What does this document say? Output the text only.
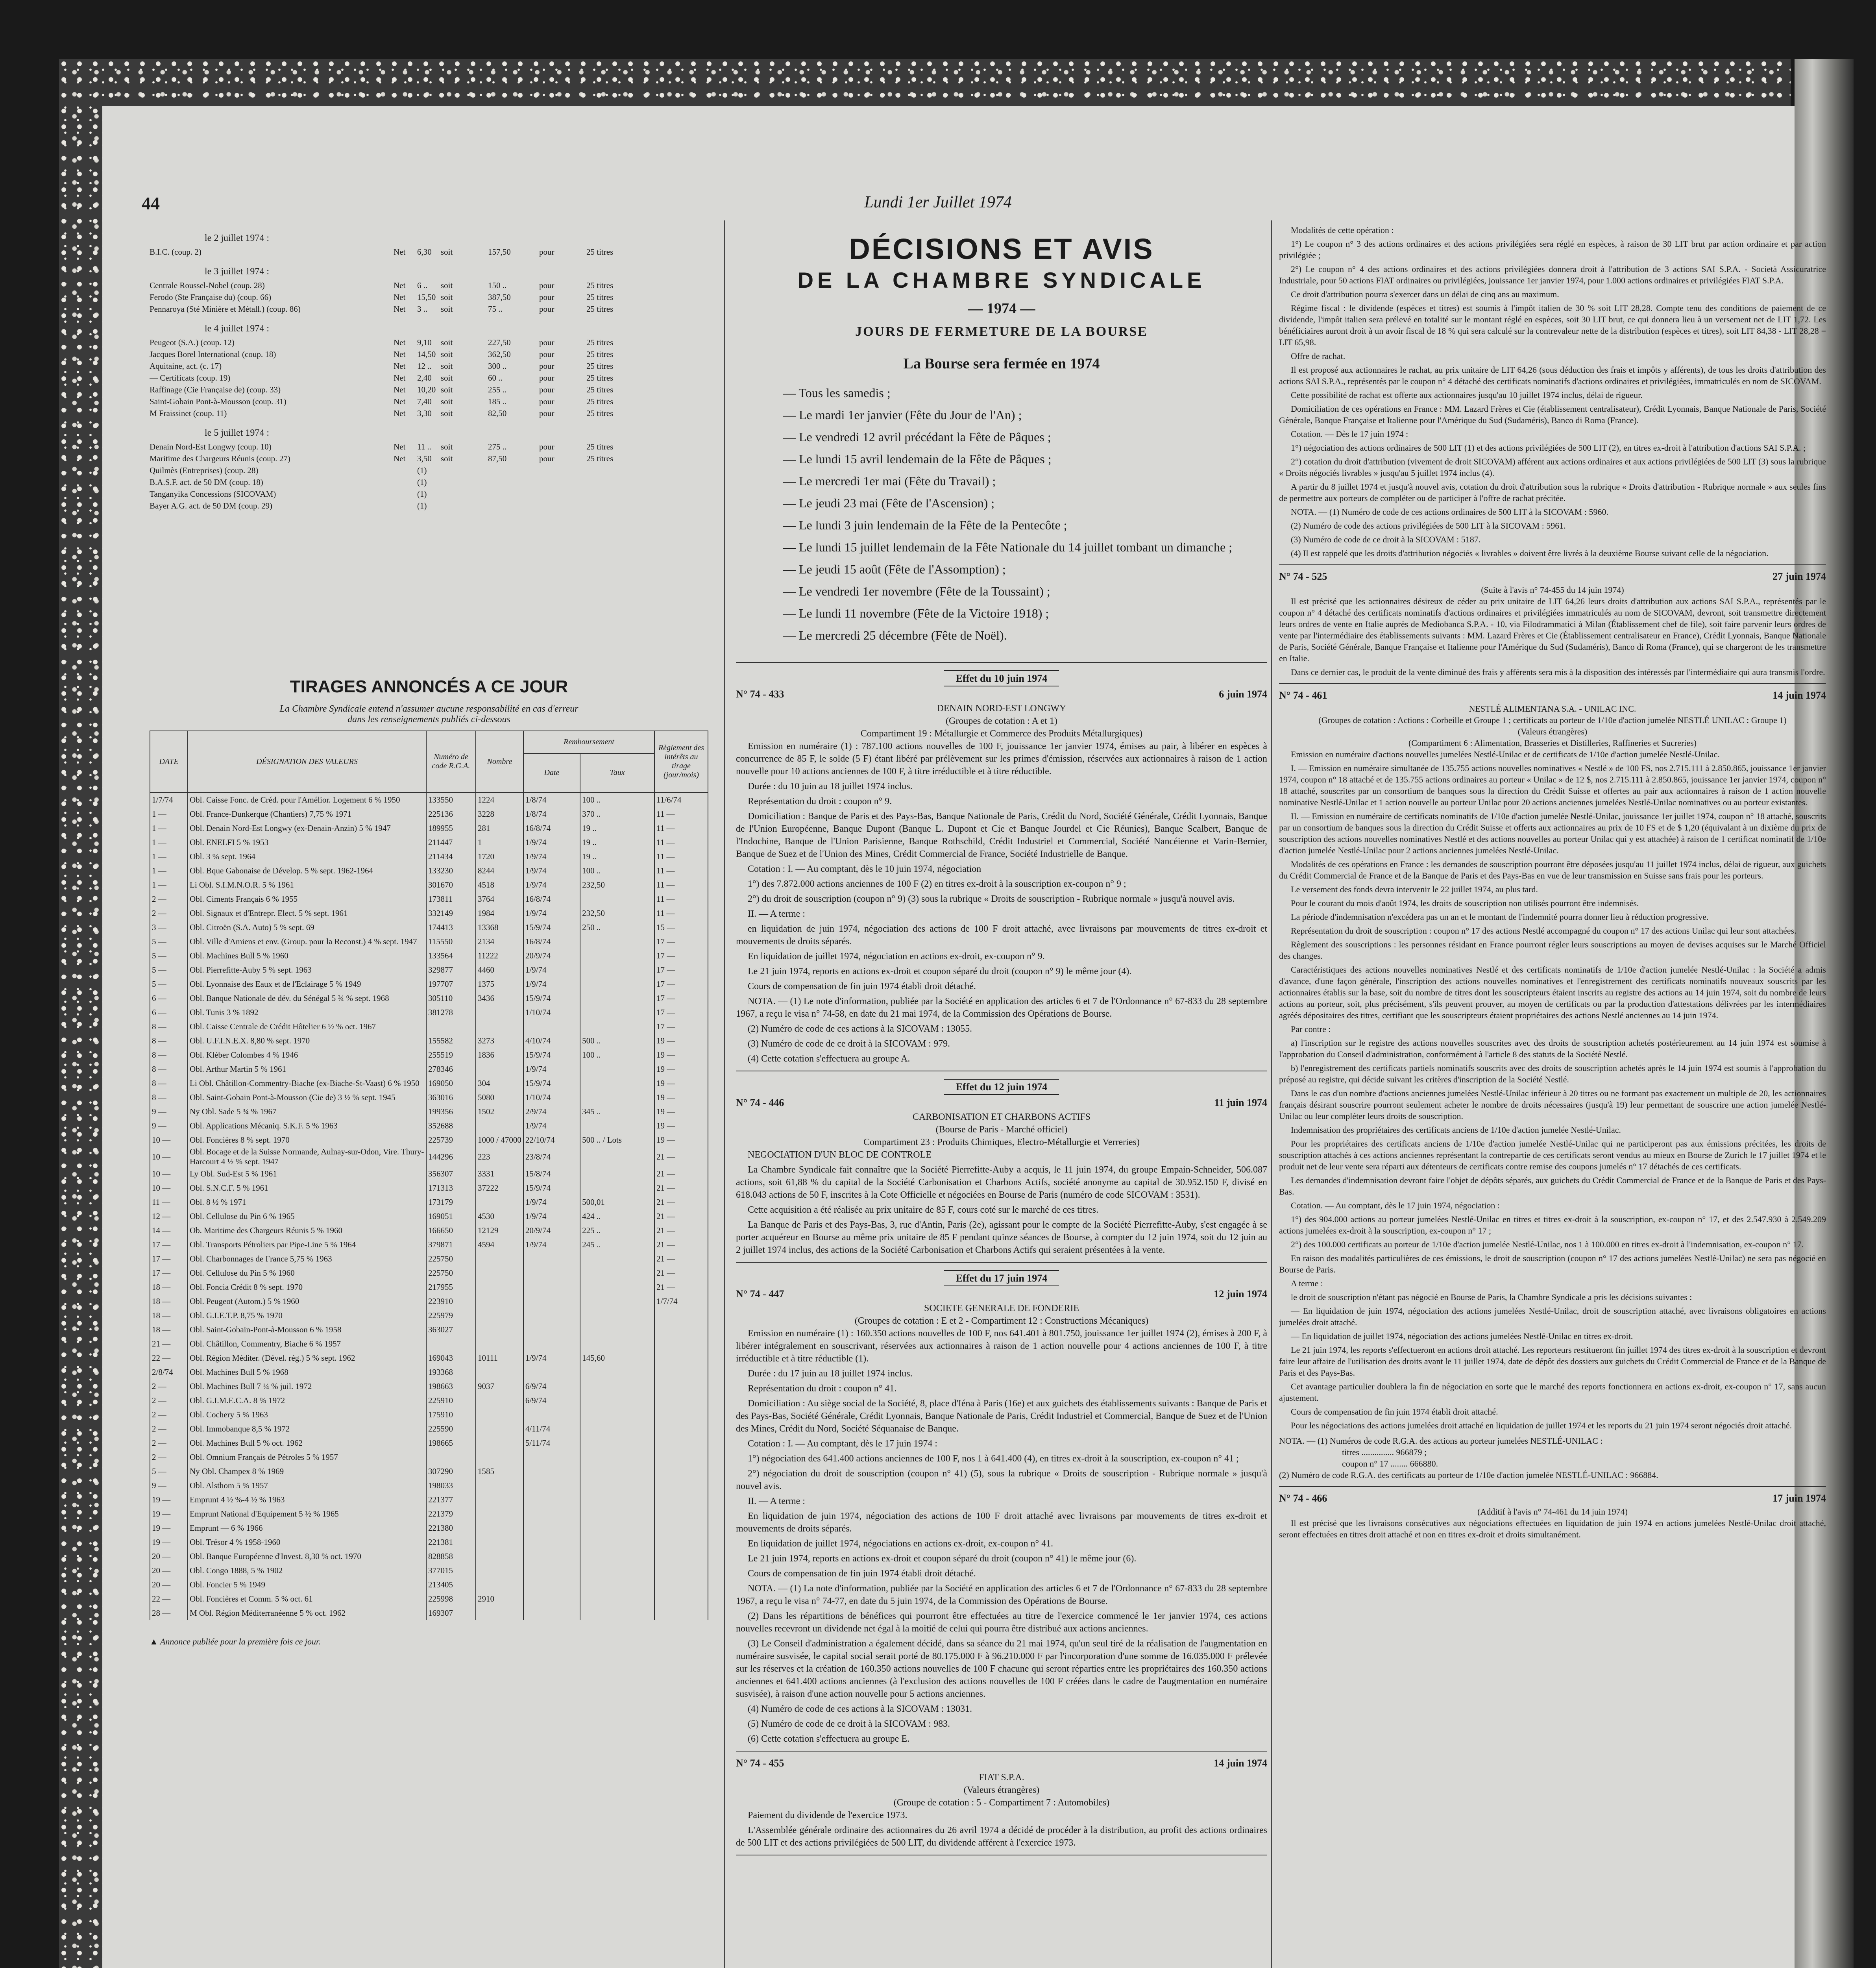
44	Lundi 1er Juillet 1974
le 2 juillet 1974 :
B.I.C. (coup. 2)	Net	6,30	soit	157,50	pour	25 titres
le 3 juillet 1974 :
Centrale Roussel-Nobel (coup. 28)	Net	6 ..	soit	150 ..	pour	25 titres
Ferodo (Ste Française du) (coup. 66)	Net	15,50 soit	387,50	pour	25 titres
Pennaroya (Sté Minière et Métall.) (coup. 86)	Net	3 ..	soit	75 ..	pour	25 titres
le 4 juillet 1974 :
Peugeot (S.A.) (coup. 12)	Net	9,10	soit	227,50	pour	25 titres
Jacques Borel International (coup. 18)	Net	14,50 soit	362,50	pour	25 titres
Aquitaine, act. (c. 17)	Net	12 ..	soit	300 ..	pour	25 titres
— Certificats (coup. 19)	Net	2,40	soit	60 ..	pour	25 titres
Raffinage (Cie Française de) (coup. 33)	Net	10,20 soit	255 ..	pour	25 titres
Saint-Gobain Pont-à-Mousson (coup. 31)	Net	7,40	soit	185 ..	pour	25 titres
M Fraissinet (coup. 11)	Net	3,30	soit	82,50	pour	25 titres
le 5 juillet 1974 :
Denain Nord-Est Longwy (coup. 10)	Net	11 ..	soit	275 ..	pour	25 titres
Maritime des Chargeurs Réunis (coup. 27)	Net	3,50	soit	87,50	pour	25 titres
Quilmès (Entreprises) (coup. 28)	(1)
B.A.S.F. act. de 50 DM (coup. 18)	(1)
Tanganyika Concessions (SICOVAM)	(1)
Bayer A.G. act. de 50 DM (coup. 29)	(1)
TIRAGES ANNONCÉS A CE JOUR
La Chambre Syndicale entend n'assumer aucune responsabilité en cas d'erreur
dans les renseignements publiés ci-dessous
DATE	DÉSIGNATION DES VALEURS	Numéro de code R.G.A.	Nombre	Remboursement		Règlement des intérêts au tirage (jour/mois)
				Date	Taux	
1/7/74	Obl. Caisse Fonc. de Créd. pour l'Amélior. Logement 6 % 1950	133550	1224	1/8/74	100 ..	11/6/74
1 —	Obl. France-Dunkerque (Chantiers) 7,75 % 1971	225136	3228	1/8/74	370 ..	11 —
1 —	Obl. Denain Nord-Est Longwy (ex-Denain-Anzin) 5 % 1947	189955	281	16/8/74	19 ..	11 —
1 —	Obl. ENELFI 5 % 1953	211447	1	1/9/74	19 ..	11 —
1 —	Obl. 3 % sept. 1964	211434	1720	1/9/74	19 ..	11 —
1 —	Obl. Bque Gabonaise de Dévelop. 5 % sept. 1962-1964	133230	8244	1/9/74	100 ..	11 —
1 —	Li Obl. S.I.M.N.O.R. 5 % 1961	301670	4518	1/9/74	232,50	11 —
2 —	Obl. Ciments Français 6 % 1955	173811	3764	16/8/74		11 —
2 —	Obl. Signaux et d'Entrepr. Elect. 5 % sept. 1961	332149	1984	1/9/74	232,50	11 —
3 —	Obl. Citroën (S.A. Auto) 5 % sept. 69	174413	13368	15/9/74	250 ..	15 —
5 —	Obl. Ville d'Amiens et env. (Group. pour la Reconst.) 4 % sept. 1947	115550	2134	16/8/74		17 —
5 —	Obl. Machines Bull 5 % 1960	133564	11222	20/9/74		17 —
5 —	Obl. Pierrefitte-Auby 5 % sept. 1963	329877	4460	1/9/74		17 —
5 —	Obl. Lyonnaise des Eaux et de l'Eclairage 5 % 1949	197707	1375	1/9/74		17 —
6 —	Obl. Banque Nationale de dév. du Sénégal 5 ¾ % sept. 1968	305110	3436	15/9/74		17 —
6 —	Obl. Tunis 3 % 1892	381278		1/10/74		17 —
8 —	Obl. Caisse Centrale de Crédit Hôtelier 6 ½ % oct. 1967					17 —
8 —	Obl. U.F.I.N.E.X. 8,80 % sept. 1970	155582	3273	4/10/74	500 ..	19 —
8 —	Obl. Kléber Colombes 4 % 1946	255519	1836	15/9/74	100 ..	19 —
8 —	Obl. Arthur Martin 5 % 1961	278346		1/9/74		19 —
8 —	Li Obl. Châtillon-Commentry-Biache (ex-Biache-St-Vaast) 6 % 1950	169050	304	15/9/74		19 —
8 —	Obl. Saint-Gobain Pont-à-Mousson (Cie de) 3 ½ % sept. 1945	363016	5080	1/10/74		19 —
9 —	Ny Obl. Sade 5 ¾ % 1967	199356	1502	2/9/74	345 ..	19 —
9 —	Obl. Applications Mécaniq. S.K.F. 5 % 1963	352688		1/9/74		19 —
10 —	Obl. Foncières 8 % sept. 1970	225739	1000 / 47000	22/10/74	500 .. / Lots	19 —
10 —	Obl. Bocage et de la Suisse Normande, Aulnay-sur-Odon, Vire. Thury-Harcourt 4 ½ % sept. 1947	144296	223	23/8/74		21 —
10 —	Ly Obl. Sud-Est 5 % 1961	356307	3331	15/8/74		21 —
10 —	Obl. S.N.C.F. 5 % 1961	171313	37222	15/9/74		21 —
11 —	Obl. 8 ½ % 1971	173179		1/9/74	500,01	21 —
12 —	Obl. Cellulose du Pin 6 % 1965	169051	4530	1/9/74	424 ..	21 —
14 —	Ob. Maritime des Chargeurs Réunis 5 % 1960	166650	12129	20/9/74	225 ..	21 —
17 —	Obl. Transports Pétroliers par Pipe-Line 5 % 1964	379871	4594	1/9/74	245 ..	21 —
17 —	Obl. Charbonnages de France 5,75 % 1963	225750				21 —
17 —	Obl. Cellulose du Pin 5 % 1960	225750				21 —
18 —	Obl. Foncia Crédit 8 % sept. 1970	217955				21 —
18 —	Obl. Peugeot (Autom.) 5 % 1960	223910				1/7/74
18 —	Obl. G.I.E.T.P. 8,75 % 1970	225979				
18 —	Obl. Saint-Gobain-Pont-à-Mousson 6 % 1958	363027				
21 —	Obl. Châtillon, Commentry, Biache 6 % 1957					
22 —	Obl. Région Méditer. (Dével. rég.) 5 % sept. 1962	169043	10111	1/9/74	145,60	
2/8/74	Obl. Machines Bull 5 % 1968	193368				
2 —	Obl. Machines Bull 7 ¼ % juil. 1972	198663	9037	6/9/74		
2 —	Obl. G.I.M.E.C.A. 8 % 1972	225910		6/9/74		
2 —	Obl. Cochery 5 % 1963	175910				
2 —	Obl. Immobanque 8,5 % 1972	225590		4/11/74		
2 —	Obl. Machines Bull 5 % oct. 1962	198665		5/11/74		
2 —	Obl. Omnium Français de Pétroles 5 % 1957					
5 —	Ny Obl. Champex 8 % 1969	307290	1585			
9 —	Obl. Alsthom 5 % 1957	198033				
19 —	Emprunt 4 ½ %-4 ½ % 1963	221377				
19 —	Emprunt National d'Equipement 5 ½ % 1965	221379				
19 —	Emprunt — 6 % 1966	221380				
19 —	Obl. Trésor 4 % 1958-1960	221381				
20 —	Obl. Banque Européenne d'Invest. 8,30 % oct. 1970	828858				
20 —	Obl. Congo 1888, 5 % 1902	377015				
20 —	Obl. Foncier 5 % 1949	213405				
22 —	Obl. Foncières et Comm. 5 % oct. 61	225998	2910			
28 —	M Obl. Région Méditerranéenne 5 % oct. 1962	169307				
▲ Annonce publiée pour la première fois ce jour.
DÉCISIONS ET AVIS
DE LA CHAMBRE SYNDICALE
— 1974 —
JOURS DE FERMETURE DE LA BOURSE
La Bourse sera fermée en 1974
— Tous les samedis ;
— Le mardi 1er janvier (Fête du Jour de l'An) ;
— Le vendredi 12 avril précédant la Fête de Pâques ;
— Le lundi 15 avril lendemain de la Fête de Pâques ;
— Le mercredi 1er mai (Fête du Travail) ;
— Le jeudi 23 mai (Fête de l'Ascension) ;
— Le lundi 3 juin lendemain de la Fête de la Pentecôte ;
— Le lundi 15 juillet lendemain de la Fête Nationale du 14 juillet tombant un dimanche ;
— Le jeudi 15 août (Fête de l'Assomption) ;
— Le vendredi 1er novembre (Fête de la Toussaint) ;
— Le lundi 11 novembre (Fête de la Victoire 1918) ;
— Le mercredi 25 décembre (Fête de Noël).
Effet du 10 juin 1974
N° 74 - 433	6 juin 1974
DENAIN NORD-EST LONGWY
(Groupes de cotation : A et 1)
Compartiment 19 : Métallurgie et Commerce des Produits Métallurgiques)

Emission en numéraire (1) : 787.100 actions nouvelles de 100 F, jouissance 1er janvier 1974, émises au pair, à libérer en espèces à concurrence de 85 F, le solde (5 F) étant libéré par prélèvement sur les primes d'émission, réservées aux actionnaires à raison de 1 action nouvelle pour 10 actions anciennes de 100 F, à titre irréductible et à titre réductible.

Durée : du 10 juin au 18 juillet 1974 inclus.

Représentation du droit : coupon n° 9.

Domiciliation : Banque de Paris et des Pays-Bas, Banque Nationale de Paris, Crédit du Nord, Société Générale, Crédit Lyonnais, Banque de l'Union Européenne, Banque Dupont (Banque L. Dupont et Cie et Banque Jourdel et Cie Réunies), Banque Scalbert, Banque de l'Indochine, Banque de l'Union Parisienne, Banque Rothschild, Crédit Industriel et Commercial, Société Nancéienne et Varin-Bernier, Banque de Suez et de l'Union des Mines, Crédit Commercial de France, Société Industrielle de Banque.

Cotation : I. — Au comptant, dès le 10 juin 1974, négociation

1°) des 7.872.000 actions anciennes de 100 F (2) en titres ex-droit à la souscription ex-coupon n° 9 ;

2°) du droit de souscription (coupon n° 9) (3) sous la rubrique « Droits de souscription - Rubrique normale » jusqu'à nouvel avis.

II. — A terme :

en liquidation de juin 1974, négociation des actions de 100 F droit attaché, avec livraisons par mouvements de titres ex-droit et mouvements de droits séparés.

En liquidation de juillet 1974, négociation en actions ex-droit, ex-coupon n° 9.

Le 21 juin 1974, reports en actions ex-droit et coupon séparé du droit (coupon n° 9) le même jour (4).

Cours de compensation de fin juin 1974 établi droit détaché.

NOTA. — (1) Le note d'information, publiée par la Société en application des articles 6 et 7 de l'Ordonnance n° 67-833 du 28 septembre 1967, a reçu le visa n° 74-58, en date du 21 mai 1974, de la Commission des Opérations de Bourse.

(2) Numéro de code de ces actions à la SICOVAM : 13055.

(3) Numéro de code de ce droit à la SICOVAM : 979.

(4) Cette cotation s'effectuera au groupe A.

Effet du 12 juin 1974
N° 74 - 446	11 juin 1974
CARBONISATION ET CHARBONS ACTIFS
(Bourse de Paris - Marché officiel)
Compartiment 23 : Produits Chimiques, Electro-Métallurgie et Verreries)

NEGOCIATION D'UN BLOC DE CONTROLE

La Chambre Syndicale fait connaître que la Société Pierrefitte-Auby a acquis, le 11 juin 1974, du groupe Empain-Schneider, 506.087 actions, soit 61,88 % du capital de la Société Carbonisation et Charbons Actifs, société anonyme au capital de 30.952.150 F, divisé en 618.043 actions de 50 F, inscrites à la Cote Officielle et négociées en Bourse de Paris (numéro de code SICOVAM : 3531).

Cette acquisition a été réalisée au prix unitaire de 85 F, cours coté sur le marché de ces titres.

La Banque de Paris et des Pays-Bas, 3, rue d'Antin, Paris (2e), agissant pour le compte de la Société Pierrefitte-Auby, s'est engagée à se porter acquéreur en Bourse au même prix unitaire de 85 F pendant quinze séances de Bourse, à compter du 12 juin 1974, soit du 12 juin au 2 juillet 1974 inclus, des actions de la Société Carbonisation et Charbons Actifs qui seraient présentées à la vente.

Effet du 17 juin 1974
N° 74 - 447	12 juin 1974
SOCIETE GENERALE DE FONDERIE
(Groupes de cotation : E et 2 - Compartiment 12 : Constructions Mécaniques)

Emission en numéraire (1) : 160.350 actions nouvelles de 100 F, nos 641.401 à 801.750, jouissance 1er juillet 1974 (2), émises à 200 F, à libérer intégralement en souscrivant, réservées aux actionnaires à raison de 1 action nouvelle pour 4 actions anciennes de 100 F, à titre irréductible et à titre réductible (1).

Durée : du 17 juin au 18 juillet 1974 inclus.

Représentation du droit : coupon n° 41.

Domiciliation : Au siège social de la Société, 8, place d'Iéna à Paris (16e) et aux guichets des établissements suivants : Banque de Paris et des Pays-Bas, Société Générale, Crédit Lyonnais, Banque Nationale de Paris, Crédit Industriel et Commercial, Banque de Suez et de l'Union des Mines, Crédit du Nord, Société Séquanaise de Banque.

Cotation : I. — Au comptant, dès le 17 juin 1974 :

1°) négociation des 641.400 actions anciennes de 100 F, nos 1 à 641.400 (4), en titres ex-droit à la souscription, ex-coupon n° 41 ;

2°) négociation du droit de souscription (coupon n° 41) (5), sous la rubrique « Droits de souscription - Rubrique normale » jusqu'à nouvel avis.

II. — A terme :

En liquidation de juin 1974, négociation des actions de 100 F droit attaché avec livraisons par mouvements de titres ex-droit et mouvements de droits séparés.

En liquidation de juillet 1974, négociations en actions ex-droit, ex-coupon n° 41.

Le 21 juin 1974, reports en actions ex-droit et coupon séparé du droit (coupon n° 41) le même jour (6).

Cours de compensation de fin juin 1974 établi droit détaché.

NOTA. — (1) La note d'information, publiée par la Société en application des articles 6 et 7 de l'Ordonnance n° 67-833 du 28 septembre 1967, a reçu le visa n° 74-77, en date du 5 juin 1974, de la Commission des Opérations de Bourse.

(2) Dans les répartitions de bénéfices qui pourront être effectuées au titre de l'exercice commencé le 1er janvier 1974, ces actions nouvelles recevront un dividende net égal à la moitié de celui qui pourra être distribué aux actions anciennes.

(3) Le Conseil d'administration a également décidé, dans sa séance du 21 mai 1974, qu'un seul tiré de la réalisation de l'augmentation en numéraire susvisée, le capital social serait porté de 80.175.000 F à 96.210.000 F par l'incorporation d'une somme de 16.035.000 F prélevée sur les réserves et la création de 160.350 actions nouvelles de 100 F chacune qui seront réparties entre les propriétaires des 160.350 actions anciennes et 641.400 actions anciennes (à l'exclusion des actions nouvelles de 100 F créées dans le cadre de l'augmentation en numéraire susvisée), à raison d'une action nouvelle pour 5 actions anciennes.

(4) Numéro de code de ces actions à la SICOVAM : 13031.

(5) Numéro de code de ce droit à la SICOVAM : 983.

(6) Cette cotation s'effectuera au groupe E.

N° 74 - 455	14 juin 1974
FIAT S.P.A.
(Valeurs étrangères)
(Groupe de cotation : 5 - Compartiment 7 : Automobiles)

Paiement du dividende de l'exercice 1973.

L'Assemblée générale ordinaire des actionnaires du 26 avril 1974 a décidé de procéder à la distribution, au profit des actions ordinaires de 500 LIT et des actions privilégiées de 500 LIT, du dividende afférent à l'exercice 1973.

Modalités de cette opération :

1°) Le coupon n° 3 des actions ordinaires et des actions privilégiées sera réglé en espèces, à raison de 30 LIT brut par action ordinaire et par action privilégiée ;

2°) Le coupon n° 4 des actions ordinaires et des actions privilégiées donnera droit à l'attribution de 3 actions SAI S.P.A. - Società Assicuratrice Industriale, pour 50 actions FIAT ordinaires ou privilégiées, jouissance 1er janvier 1974, pour 1.000 actions ordinaires et privilégiées FIAT S.P.A.

Ce droit d'attribution pourra s'exercer dans un délai de cinq ans au maximum.

Régime fiscal : le dividende (espèces et titres) est soumis à l'impôt italien de 30 % soit LIT 28,28. Compte tenu des conditions de paiement de ce dividende, l'impôt italien sera prélevé en totalité sur le montant réglé en espèces, soit 30 LIT brut, ce qui donnera lieu à un versement net de LIT 1,72. Les bénéficiaires auront droit à un avoir fiscal de 18 % qui sera calculé sur la contrevaleur nette de la distribution (espèces et titres), soit LIT 84,38 - LIT 28,28 = LIT 65,98.

Offre de rachat.

Il est proposé aux actionnaires le rachat, au prix unitaire de LIT 64,26 (sous déduction des frais et impôts y afférents), de tous les droits d'attribution des actions SAI S.P.A., représentés par le coupon n° 4 détaché des certificats nominatifs d'actions ordinaires et privilégiées, immatriculés en nom de SICOVAM.

Cette possibilité de rachat est offerte aux actionnaires jusqu'au 10 juillet 1974 inclus, délai de rigueur.

Domiciliation de ces opérations en France : MM. Lazard Frères et Cie (établissement centralisateur), Crédit Lyonnais, Banque Nationale de Paris, Société Générale, Banque Française et Italienne pour l'Amérique du Sud (Sudaméris), Banco di Roma (France).

Cotation. — Dès le 17 juin 1974 :

1°) négociation des actions ordinaires de 500 LIT (1) et des actions privilégiées de 500 LIT (2), en titres ex-droit à l'attribution d'actions SAI S.P.A. ;

2°) cotation du droit d'attribution (vivement de droit SICOVAM) afférent aux actions ordinaires et aux actions privilégiées de 500 LIT (3) sous la rubrique « Droits négociés livrables » jusqu'au 5 juillet 1974 inclus (4).

A partir du 8 juillet 1974 et jusqu'à nouvel avis, cotation du droit d'attribution sous la rubrique « Droits d'attribution - Rubrique normale » aux seules fins de permettre aux porteurs de compléter ou de participer à l'offre de rachat précitée.

NOTA. — (1) Numéro de code de ces actions ordinaires de 500 LIT à la SICOVAM : 5960.

(2) Numéro de code des actions privilégiées de 500 LIT à la SICOVAM : 5961.

(3) Numéro de code de ce droit à la SICOVAM : 5187.

(4) Il est rappelé que les droits d'attribution négociés « livrables » doivent être livrés à la deuxième Bourse suivant celle de la négociation.

N° 74 - 525	27 juin 1974
(Suite à l'avis n° 74-455 du 14 juin 1974)

Il est précisé que les actionnaires désireux de céder au prix unitaire de LIT 64,26 leurs droits d'attribution aux actions SAI S.P.A., représentés par le coupon n° 4 détaché des certificats nominatifs d'actions ordinaires et privilégiées immatriculés au nom de SICOVAM, devront, soit transmettre directement leurs ordres de vente en Italie auprès de Mediobanca S.P.A. - 10, via Filodrammatici à Milan (Établissement chef de file), soit faire parvenir leurs ordres de vente par l'intermédiaire des établissements suivants : MM. Lazard Frères et Cie (Établissement centralisateur en France), Crédit Lyonnais, Banque Nationale de Paris, Société Générale, Banque Française et Italienne pour l'Amérique du Sud (Sudaméris), Banco di Roma (France), qui se chargeront de les transmettre en Italie.

Dans ce dernier cas, le produit de la vente diminué des frais y afférents sera mis à la disposition des intéressés par l'intermédiaire qui aura transmis l'ordre.

N° 74 - 461	14 juin 1974
NESTLÉ ALIMENTANA S.A. - UNILAC INC.
(Groupes de cotation : Actions : Corbeille et Groupe 1 ; certificats au porteur de 1/10e d'action jumelée NESTLÉ UNILAC : Groupe 1)
(Valeurs étrangères)
(Compartiment 6 : Alimentation, Brasseries et Distilleries, Raffineries et Sucreries)

Emission en numéraire d'actions nouvelles jumelées Nestlé-Unilac et de certificats de 1/10e d'action jumelée Nestlé-Unilac.

I. — Emission en numéraire simultanée de 135.755 actions nouvelles nominatives « Nestlé » de 100 FS, nos 2.715.111 à 2.850.865, jouissance 1er janvier 1974, coupon n° 18 attaché et de 135.755 actions ordinaires au porteur « Unilac » de 12 $, nos 2.715.111 à 2.850.865, jouissance 1er janvier 1974, coupon n° 18 attaché, souscrites par un consortium de banques sous la direction du Crédit Suisse et offertes au pair aux actionnaires à raison de 1 action nouvelle nominative Nestlé-Unilac et 1 action nouvelle au porteur Unilac pour 20 actions anciennes jumelées Nestlé-Unilac nominatives ou au porteur existantes.

II. — Emission en numéraire de certificats nominatifs de 1/10e d'action jumelée Nestlé-Unilac, jouissance 1er juillet 1974, coupon n° 18 attaché, souscrits par un consortium de banques sous la direction du Crédit Suisse et offerts aux actionnaires au prix de 10 FS et de $ 1,20 (équivalant à un dixième du prix de souscription des actions nouvelles nominatives Nestlé et des actions nouvelles au porteur Unilac qui y est attachée) à raison de 1 certificat nominatif de 1/10e d'action jumelée Nestlé-Unilac pour 2 actions anciennes jumelées Nestlé-Unilac.

Modalités de ces opérations en France : les demandes de souscription pourront être déposées jusqu'au 11 juillet 1974 inclus, délai de rigueur, aux guichets du Crédit Commercial de France et de la Banque de Paris et des Pays-Bas en vue de leur transmission en Suisse sans frais pour les porteurs.

Le versement des fonds devra intervenir le 22 juillet 1974, au plus tard.

Pour le courant du mois d'août 1974, les droits de souscription non utilisés pourront être indemnisés.

La période d'indemnisation n'excédera pas un an et le montant de l'indemnité pourra donner lieu à réduction progressive.

Représentation du droit de souscription : coupon n° 17 des actions Nestlé accompagné du coupon n° 17 des actions Unilac qui leur sont attachées.

Règlement des souscriptions : les personnes résidant en France pourront régler leurs souscriptions au moyen de devises acquises sur le Marché Officiel des changes.

Caractéristiques des actions nouvelles nominatives Nestlé et des certificats nominatifs de 1/10e d'action jumelée Nestlé-Unilac : la Société a admis d'avance, d'une façon générale, l'inscription des actions nouvelles nominatives et l'enregistrement des certificats nominatifs nouveaux souscrits par les actionnaires établis sur la base, soit du nombre de titres dont les souscripteurs étaient inscrits au registre des actions au 14 juin 1974, soit du nombre de leurs actions au porteur, soit, plus précisément, s'ils peuvent prouver, au moyen de certificats ou par la production d'attestations délivrées par les intermédiaires agréés dépositaires des titres, certifiant que les souscripteurs étaient propriétaires des actions Nestlé anciennes au 14 juin 1974.

Par contre :

a) l'inscription sur le registre des actions nouvelles souscrites avec des droits de souscription achetés postérieurement au 14 juin 1974 est soumise à l'approbation du Conseil d'administration, conformément à l'article 8 des statuts de la Société Nestlé.

b) l'enregistrement des certificats partiels nominatifs souscrits avec des droits de souscription achetés après le 14 juin 1974 est soumis à l'approbation du préposé au registre, qui décide suivant les critères d'inscription de la Société Nestlé.

Dans le cas d'un nombre d'actions anciennes jumelées Nestlé-Unilac inférieur à 20 titres ou ne formant pas exactement un multiple de 20, les actionnaires français désirant souscrire pourront seulement acheter le nombre de droits nécessaires (jusqu'à 19) leur permettant de souscrire une action jumelée Nestlé-Unilac ou leur compléter leurs droits de souscription.

Indemnisation des propriétaires des certificats anciens de 1/10e d'action jumelée Nestlé-Unilac.

Pour les propriétaires des certificats anciens de 1/10e d'action jumelée Nestlé-Unilac qui ne participeront pas aux émissions précitées, les droits de souscription attachés à ces actions anciennes représentant la contrepartie de ces certificats seront vendus au mieux en Bourse de Zurich le 17 juillet 1974 et le produit net de leur vente sera réparti aux détenteurs de certificats contre remise des coupons jumelés n° 17 détachés de ces certificats.

Les demandes d'indemnisation devront faire l'objet de dépôts séparés, aux guichets du Crédit Commercial de France et de la Banque de Paris et des Pays-Bas.

Cotation. — Au comptant, dès le 17 juin 1974, négociation :

1°) des 904.000 actions au porteur jumelées Nestlé-Unilac en titres et titres ex-droit à la souscription, ex-coupon n° 17, et des 2.547.930 à 2.549.209 actions jumelées ex-droit à la souscription, ex-coupon n° 17 ;

2°) des 100.000 certificats au porteur de 1/10e d'action jumelée Nestlé-Unilac, nos 1 à 100.000 en titres ex-droit à l'indemnisation, ex-coupon n° 17.

En raison des modalités particulières de ces émissions, le droit de souscription (coupon n° 17 des actions jumelées Nestlé-Unilac) ne sera pas négocié en Bourse de Paris.

A terme :

le droit de souscription n'étant pas négocié en Bourse de Paris, la Chambre Syndicale a pris les décisions suivantes :

— En liquidation de juin 1974, négociation des actions jumelées Nestlé-Unilac, droit de souscription attaché, avec livraisons obligatoires en actions jumelées droit attaché.

— En liquidation de juillet 1974, négociation des actions jumelées Nestlé-Unilac en titres ex-droit.

Le 21 juin 1974, les reports s'effectueront en actions droit attaché. Les reporteurs restitueront fin juillet 1974 des titres ex-droit à la souscription et devront faire leur affaire de l'utilisation des droits avant le 11 juillet 1974, date de dépôt des dossiers aux guichets du Crédit Commercial de France et de la Banque de Paris et des Pays-Bas.

Cet avantage particulier doublera la fin de négociation en sorte que le marché des reports fonctionnera en actions ex-droit, ex-coupon n° 17, sans aucun ajustement.

Cours de compensation de fin juin 1974 établi droit attaché.

Pour les négociations des actions jumelées droit attaché en liquidation de juillet 1974 et les reports du 21 juin 1974 seront négociés droit attaché.

NOTA. — (1) Numéros de code R.G.A. des actions au porteur jumelées NESTLÉ-UNILAC :
titres ............... 966879 ;
coupon n° 17 ........ 666880.
(2) Numéro de code R.G.A. des certificats au porteur de 1/10e d'action jumelée NESTLÉ-UNILAC : 966884.
N° 74 - 466	17 juin 1974
(Additif à l'avis n° 74-461 du 14 juin 1974)

Il est précisé que les livraisons consécutives aux négociations effectuées en liquidation de juin 1974 en actions jumelées Nestlé-Unilac droit attaché, seront effectuées en titres droit attaché et non en titres ex-droit et droits simultanément.
